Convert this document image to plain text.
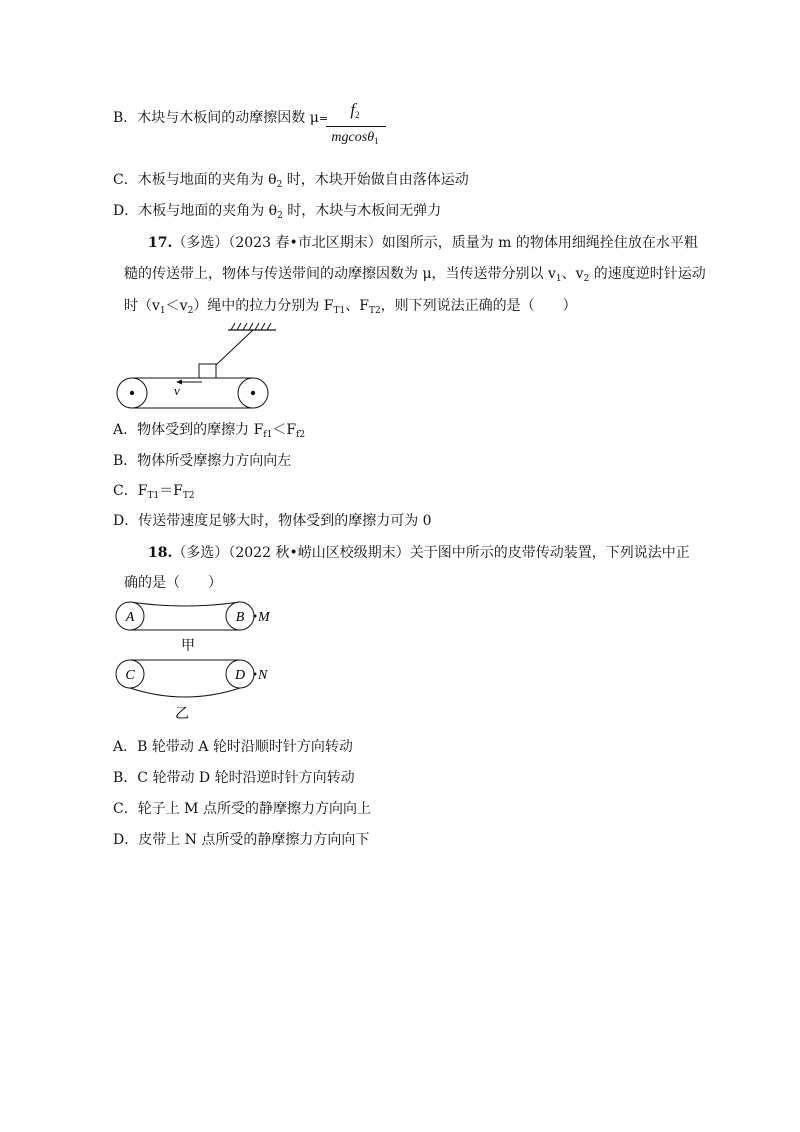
B．木块与木板间的动摩擦因数 μ=	$f_2$
mgcosθ$_1$
C．木板与地面的夹角为 $\theta_2$ 时，木块开始做自由落体运动
D．木板与地面的夹角为 $\theta_2$ 时，木块与木板间无弹力
17.（多选）（2023 春•市北区期末）如图所示，质量为 m 的物体用细绳拴住放在水平粗
糙的传送带上，物体与传送带间的动摩擦因数为 μ，当传送带分别以 $v_1$、$v_2$ 的速度逆时针运动
时$(v_1<v_2)$绳中的拉力分别为 $F_{T1}$、$F_{T2}$，则下列说法正确的是（　　）
v
A．物体受到的摩擦力 $F_{f1}<F_{f2}$
B．物体所受摩擦力方向向左
C．$F_{T1}=F_{T2}$
D．传送带速度足够大时，物体受到的摩擦力可为 0
18.（多选）（2022 秋•崂山区校级期末）关于图中所示的皮带传动装置，下列说法中正
确的是（　　）
A	B M
甲
C	D N
乙
A．B 轮带动 A 轮时沿顺时针方向转动
B．C 轮带动 D 轮时沿逆时针方向转动
C．轮子上 M 点所受的静摩擦力方向向上
D．皮带上 N 点所受的静摩擦力方向向下
